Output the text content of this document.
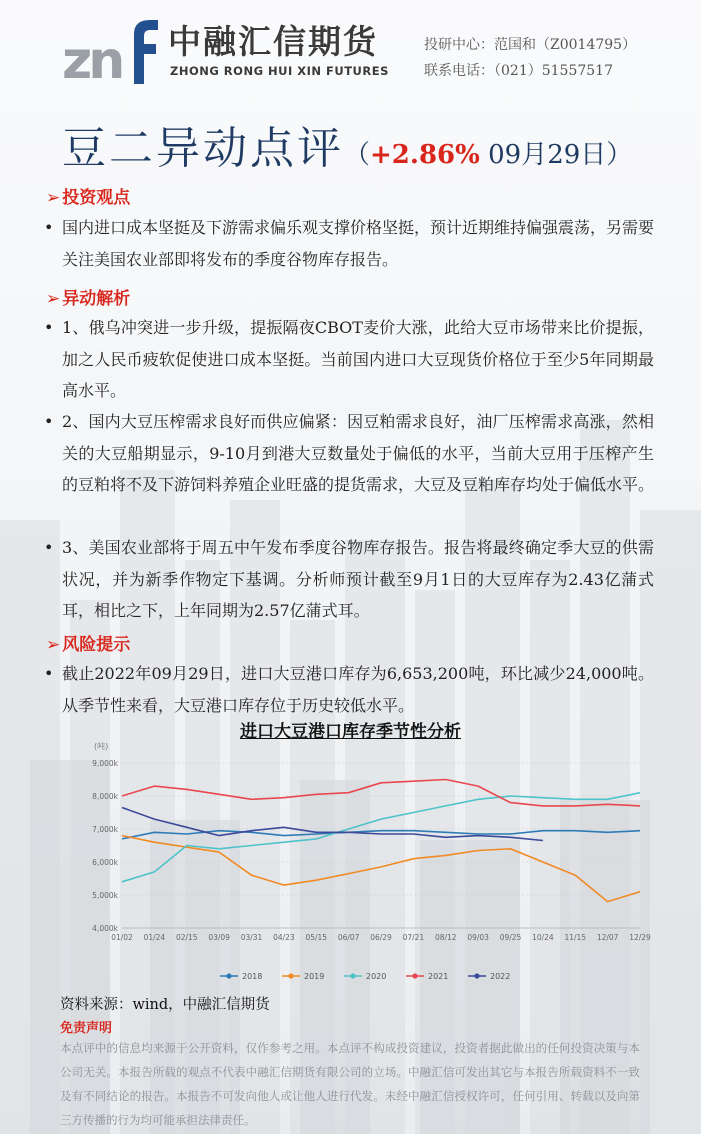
zn 中融汇信期货
ZHONG RONG HUI XIN FUTURES
投研中心：范国和（Z0014795）
联系电话：（021）51557517
豆二异动点评（+2.86% 09月29日）
➢ 投资观点
• 国内进口成本坚挺及下游需求偏乐观支撑价格坚挺，预计近期维持偏强震荡，另需要关注美国农业部即将发布的季度谷物库存报告。
➢ 异动解析
• 1、俄乌冲突进一步升级，提振隔夜CBOT麦价大涨，此给大豆市场带来比价提振，加之人民币疲软促使进口成本坚挺。当前国内进口大豆现货价格位于至少5年同期最高水平。
• 2、国内大豆压榨需求良好而供应偏紧：因豆粕需求良好，油厂压榨需求高涨，然相关的大豆船期显示，9-10月到港大豆数量处于偏低的水平，当前大豆用于压榨产生的豆粕将不及下游饲料养殖企业旺盛的提货需求，大豆及豆粕库存均处于偏低水平。
• 3、美国农业部将于周五中午发布季度谷物库存报告。报告将最终确定季大豆的供需状况，并为新季作物定下基调。分析师预计截至9月1日的大豆库存为2.43亿蒲式耳，相比之下，上年同期为2.57亿蒲式耳。
➢ 风险提示
• 截止2022年09月29日，进口大豆港口库存为6,653,200吨，环比减少24,000吨。从季节性来看，大豆港口库存位于历史较低水平。
进口大豆港口库存季节性分析
(吨)
4,000k
5,000k
6,000k
7,000k
8,000k
9,000k
01/02 01/24 02/15 03/09 03/31 04/23 05/15 06/07 06/29 07/21 08/12 09/03 09/25 10/24 11/15 12/07 12/29
2018	2019	2020	2021	2022
资料来源：wind，中融汇信期货
免责声明
本点评中的信息均来源于公开资料，仅作参考之用。本点评不构成投资建议，投资者据此做出的任何投资决策与本公司无关。本报告所载的观点不代表中融汇信期货有限公司的立场。中融汇信可发出其它与本报告所载资料不一致及有不同结论的报告。本报告不可发向他人或让他人进行代发。未经中融汇信授权许可，任何引用、转载以及向第三方传播的行为均可能承担法律责任。
